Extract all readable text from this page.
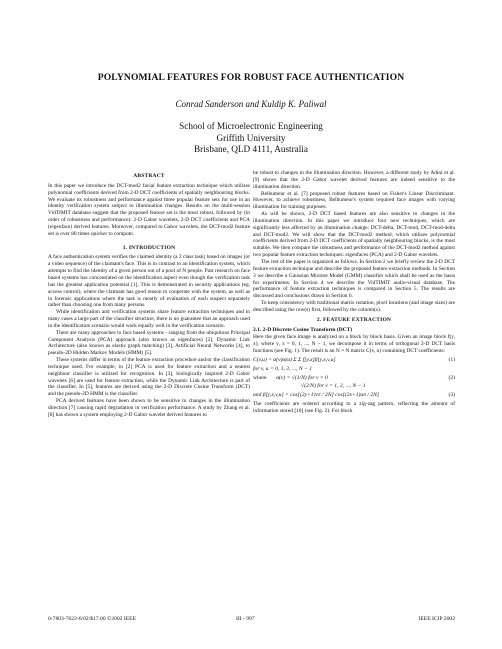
POLYNOMIAL FEATURES FOR ROBUST FACE AUTHENTICATION
Conrad Sanderson and Kuldip K. Paliwal
School of Microelectronic Engineering
Griffith University
Brisbane, QLD 4111, Australia
ABSTRACT

In this paper we introduce the DCT-mod2 facial feature extraction technique which utilizes polynomial coefficients derived from 2-D DCT coefficients of spatially neighbouring blocks. We evaluate its robustness and performance against three popular feature sets for use in an identity verification system subject to illumination changes. Results on the multi-session VidTIMIT database suggest that the proposed feature set is the most robust, followed by (in order of robustness and performance): 2-D Gabor wavelets, 2-D DCT coefficients and PCA (eigenface) derived features. Moreover, compared to Gabor wavelets, the DCT-mod2 feature set is over 80 times quicker to compute.

1. INTRODUCTION

A face authentication system verifies the claimed identity (a 2 class task) based on images (or a video sequence) of the claimant's face. This is in contrast to an identification system, which attempts to find the identity of a given person out of a pool of N people. Past research on face based systems has concentrated on the identification aspect even though the verification task has the greatest application potential [1]. This is demonstrated in security applications (eg. access control), where the claimant has good reason to cooperate with the system, as well as in forensic applications where the task is mostly of evaluation of each suspect separately rather than choosing one from many persons.

While identification and verification systems share feature extraction techniques and in many cases a large part of the classifier structure, there is no guarantee that an approach used in the identification scenario would work equally well in the verification scenario.

There are many approaches to face based systems - ranging from the ubiquitous Principal Component Analysis (PCA) approach (also known as eigenfaces) [2], Dynamic Link Architecture (also known as elastic graph matching) [3], Artificial Neural Networks [4], to pseudo-2D Hidden Markov Models (HMM) [5].

These systems differ in terms of the feature extraction procedure and/or the classification technique used. For example, in [2] PCA is used for feature extraction and a nearest neighbour classifier is utilized for recognition. In [3], biologically inspired 2-D Gabor wavelets [6] are used for feature extraction, while the Dynamic Link Architecture is part of the classifier. In [5], features are derived using the 2-D Discrete Cosine Transform (DCT) and the pseudo-2D HMM is the classifier.

PCA derived features have been shown to be sensitive to changes in the illumination direction [7] causing rapid degradation in verification performance. A study by Zhang et al. [8] has shown a system employing 2-D Gabor wavelet derived features to

be robust to changes in the illumination direction. However, a different study by Adini et al. [9] shows that the 2-D Gabor wavelet derived features are indeed sensitive to the illumination direction.

Belhumeur et al. [7] proposed robust features based on Fisher's Linear Discriminant. However, to achieve robustness, Belhumeur's system required face images with varying illumination for training purposes.

As will be shown, 2-D DCT based features are also sensitive to changes in the illumination direction. In this paper we introduce four new techniques, which are significantly less affected by an illumination change: DCT-delta, DCT-mod, DCT-mod-delta and DCT-mod2. We will show that the DCT-mod2 method, which utilizes polynomial coefficients derived from 2-D DCT coefficients of spatially neighbouring blocks, is the most suitable. We then compare the robustness and performance of the DCT-mod2 method against two popular feature extraction techniques: eigenfaces (PCA) and 2-D Gabor wavelets.

The rest of the paper is organized as follows. In Section 2 we briefly review the 2-D DCT feature extraction technique and describe the proposed feature extraction methods. In Section 3 we describe a Gaussian Mixture Model (GMM) classifier which shall be used as the basis for experiments. In Section 4 we describe the VidTIMIT audio-visual database. The performance of feature extraction techniques is compared in Section 5. The results are discussed and conclusions drawn in Section 6.

To keep consistency with traditional matrix notation, pixel locations (and image sizes) are described using the row(s) first, followed by the column(s).

2. FEATURE EXTRACTION
2.1. 2-D Discrete Cosine Transform (DCT)

Here the given face image is analyzed on a block by block basis. Given an image block f(y, x), where y, x = 0, 1, ..., N − 1, we decompose it in terms of orthogonal 2-D DCT basis functions (see Fig. 1). The result is an N × N matrix C(v, u) containing DCT coefficients:

C(v,u) = α(v)α(u) Σ Σ f[y,x]β[y,x,v,u]	(1)
for v, u = 0, 1, 2, ..., N − 1
where α(v) = √(1/N) for v = 0	(2)
√(2/N) for v = 1, 2, ..., N − 1
and β[y,x,v,u] = cos[(2y+1)vπ / 2N] cos[(2x+1)uπ / 2N]	(3)

The coefficients are ordered according to a zig-zag pattern, reflecting the amount of information stored [10] (see Fig. 2). For block

0-7803-7622-6/02/$17.00 ©2002 IEEE	III - 997	IEEE ICIP 2002
